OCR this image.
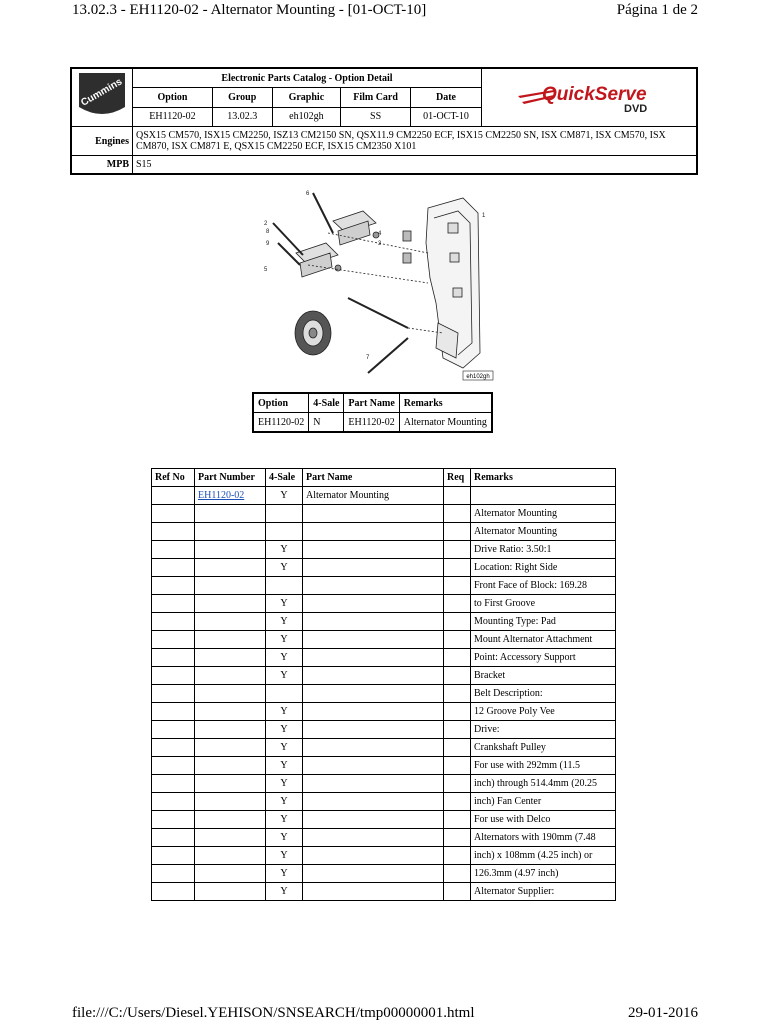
13.02.3 - EH1120-02 - Alternator Mounting - [01-OCT-10]	Página 1 de 2
Cummins	Electronic Parts Catalog - Option Detail					QuickServe
DVD

	Option	Group	Graphic	Film Card	Date	
	EH1120-02	13.02.3	eh102gh	SS	01-OCT-10	
Engines	QSX15 CM570, ISX15 CM2250, ISZ13 CM2150 SN, QSX11.9 CM2250 ECF, ISX15 CM2250 SN, ISX CM871, ISX CM570, ISX CM870, ISX CM871 E, QSX15 CM2250 ECF, ISX15 CM2350 X101					
MPB	S15					
1
2
3
4
5
6
7
8
9
eh102gh
Option	4-Sale	Part Name	Remarks
EH1120-02	N	EH1120-02	Alternator Mounting
Ref No	Part Number	4-Sale	Part Name	Req	Remarks
	EH1120-02	Y	Alternator Mounting		
					Alternator Mounting
					Alternator Mounting
		Y			Drive Ratio: 3.50:1
		Y			Location: Right Side
					Front Face of Block: 169.28
		Y			to First Groove
		Y			Mounting Type: Pad
		Y			Mount Alternator Attachment
		Y			Point: Accessory Support
		Y			Bracket
					Belt Description:
		Y			12 Groove Poly Vee
		Y			Drive:
		Y			Crankshaft Pulley
		Y			For use with 292mm (11.5
		Y			inch) through 514.4mm (20.25
		Y			inch) Fan Center
		Y			For use with Delco
		Y			Alternators with 190mm (7.48
		Y			inch) x 108mm (4.25 inch) or
		Y			126.3mm (4.97 inch)
		Y			Alternator Supplier:
file:///C:/Users/Diesel.YEHISON/SNSEARCH/tmp00000001.html	29-01-2016
